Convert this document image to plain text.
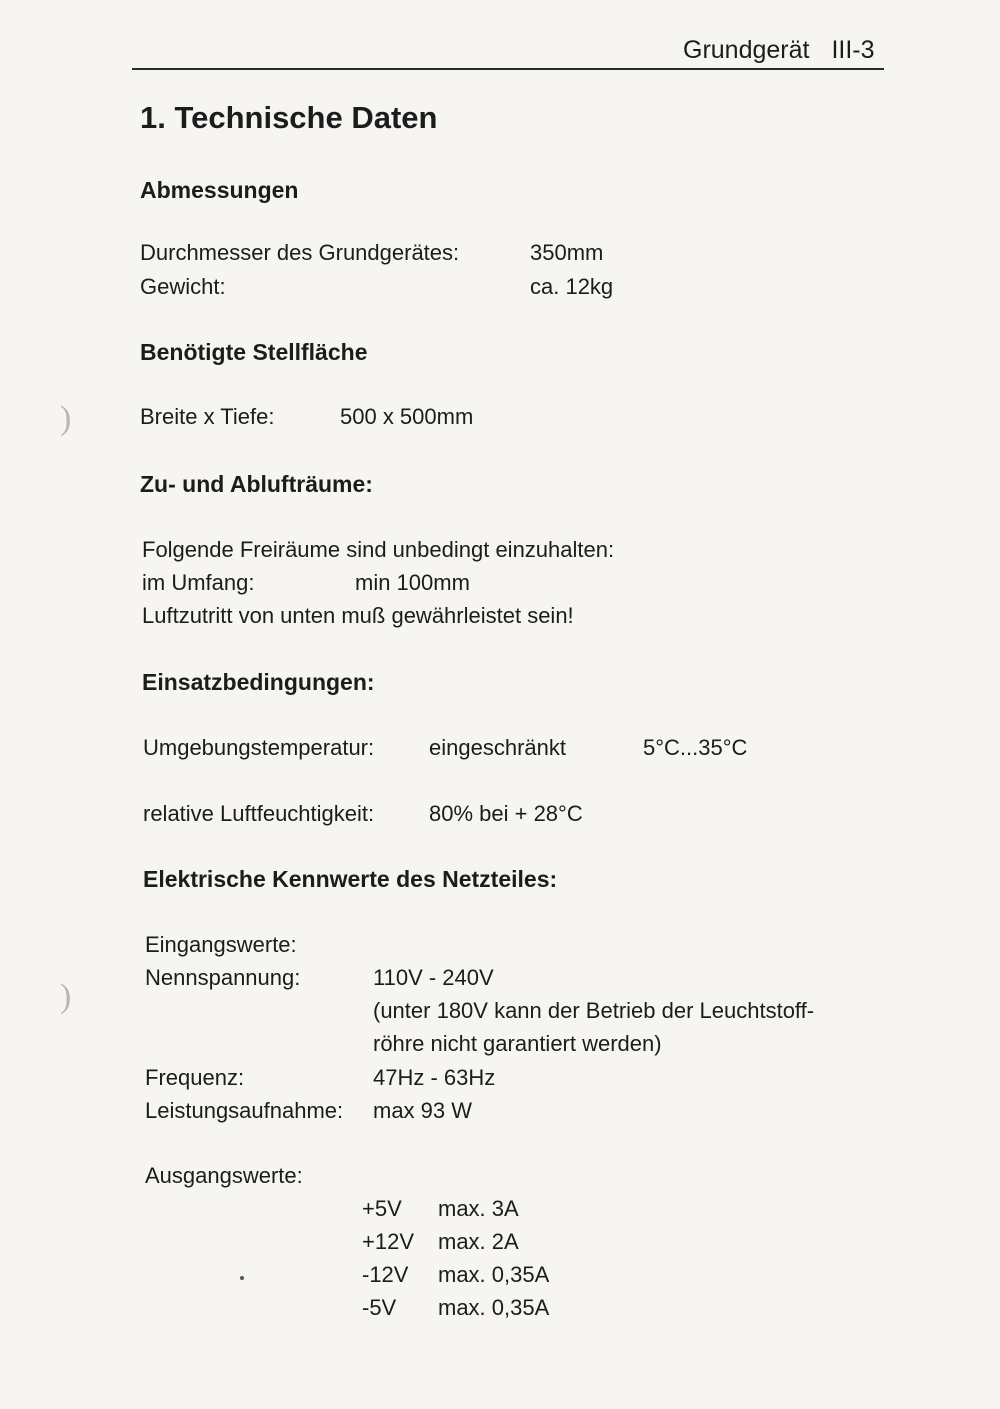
Grundgerät III-3
1. Technische Daten
Abmessungen
Durchmesser des Grundgerätes:	350mm
Gewicht:	ca. 12kg
Benötigte Stellfläche
Breite x Tiefe:	500 x 500mm
Zu- und Ablufträume:
Folgende Freiräume sind unbedingt einzuhalten:
im Umfang:	min 100mm
Luftzutritt von unten muß gewährleistet sein!
Einsatzbedingungen:
Umgebungstemperatur: eingeschränkt	5°C...35°C
relative Luftfeuchtigkeit: 80% bei + 28°C
Elektrische Kennwerte des Netzteiles:
Eingangswerte:
Nennspannung:	110V - 240V
(unter 180V kann der Betrieb der Leuchtstoff-
röhre nicht garantiert werden)
Frequenz:	47Hz - 63Hz
Leistungsaufnahme: max 93 W
Ausgangswerte:
+5V max. 3A
+12V max. 2A
-12V max. 0,35A
-5V max. 0,35A
)
)
